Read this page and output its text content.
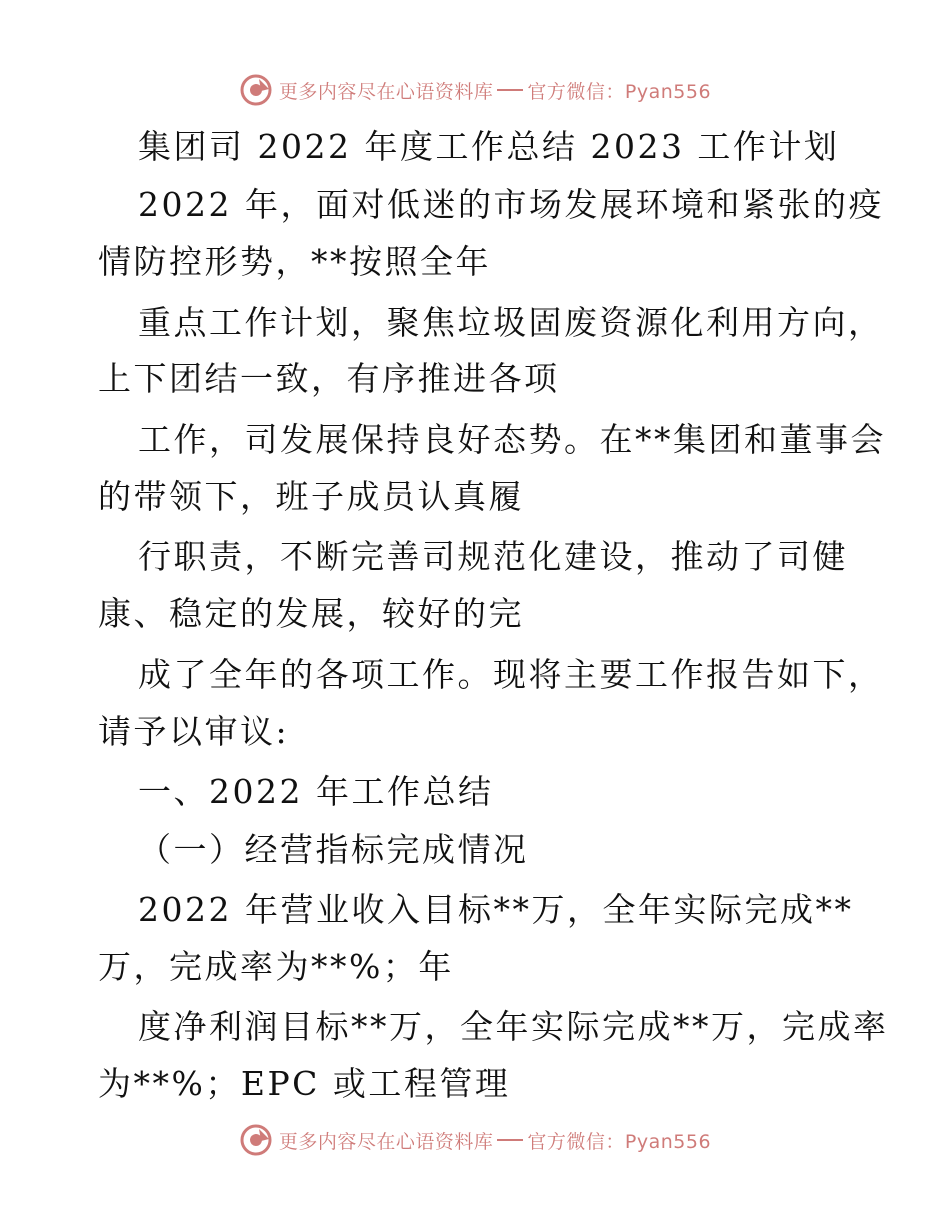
更多内容尽在心语资料库 官方微信：Pyan556
集团司 2022 年度工作总结 2023 工作计划
2022 年，面对低迷的市场发展环境和紧张的疫
情防控形势，**按照全年
重点工作计划，聚焦垃圾固废资源化利用方向，
上下团结一致，有序推进各项
工作，司发展保持良好态势。在**集团和董事会
的带领下，班子成员认真履
行职责，不断完善司规范化建设，推动了司健
康、稳定的发展，较好的完
成了全年的各项工作。现将主要工作报告如下，
请予以审议:
一、2022 年工作总结
（一）经营指标完成情况
2022 年营业收入目标**万，全年实际完成**
万，完成率为**%；年
度净利润目标**万，全年实际完成**万，完成率
为**%；EPC 或工程管理
更多内容尽在心语资料库 官方微信：Pyan556
